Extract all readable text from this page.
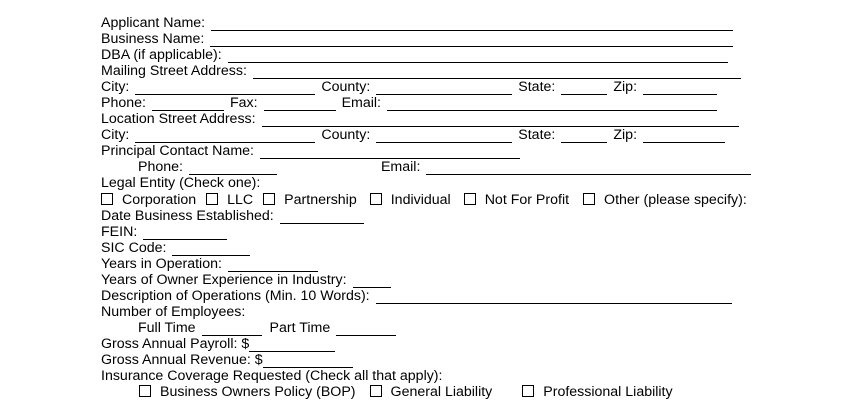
Applicant Name:
Business Name:
DBA (if applicable):
Mailing Street Address:
City:	County:	State:	Zip:
Phone:	Fax:	Email:
Location Street Address:
City:	County:	State:	Zip:
Principal Contact Name:
Phone:	Email:
Legal Entity (Check one):
Corporation LLC Partnership Individual Not For Profit Other (please specify):
Date Business Established:
FEIN:
SIC Code:
Years in Operation:
Years of Owner Experience in Industry:
Description of Operations (Min. 10 Words):
Number of Employees:
Full Time	Part Time
Gross Annual Payroll: $
Gross Annual Revenue: $
Insurance Coverage Requested (Check all that apply):
Business Owners Policy (BOP) General Liability	Professional Liability
